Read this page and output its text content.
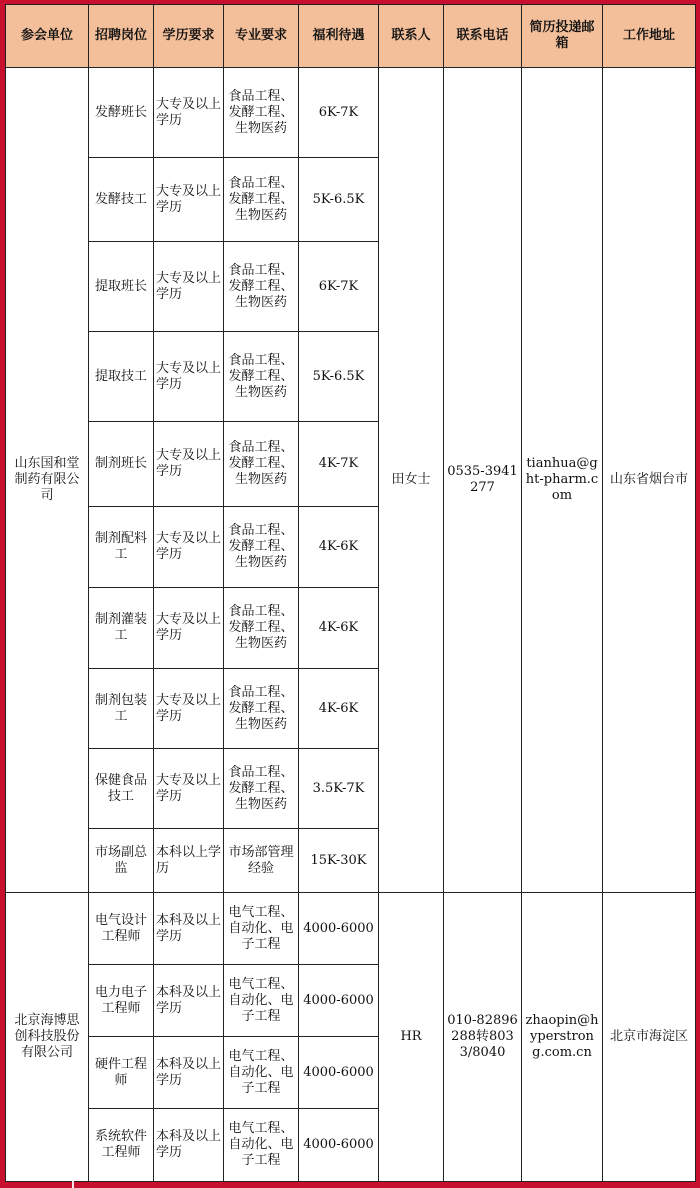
参会单位	招聘岗位	学历要求	专业要求	福利待遇	联系人	联系电话	简历投递邮箱	工作地址
山东国和堂制药有限公司	发酵班长	大专及以上学历	食品工程、发酵工程、生物医药	6K-7K	田女士	0535-3941277	tianhua@ght-pharm.com	山东省烟台市
	发酵技工	大专及以上学历	食品工程、发酵工程、生物医药	5K-6.5K				
	提取班长	大专及以上学历	食品工程、发酵工程、生物医药	6K-7K				
	提取技工	大专及以上学历	食品工程、发酵工程、生物医药	5K-6.5K				
	制剂班长	大专及以上学历	食品工程、发酵工程、生物医药	4K-7K				
	制剂配料工	大专及以上学历	食品工程、发酵工程、生物医药	4K-6K				
	制剂灌装工	大专及以上学历	食品工程、发酵工程、生物医药	4K-6K				
	制剂包装工	大专及以上学历	食品工程、发酵工程、生物医药	4K-6K				
	保健食品技工	大专及以上学历	食品工程、发酵工程、生物医药	3.5K-7K				
	市场副总监	本科以上学历	市场部管理经验	15K-30K				
北京海博思创科技股份有限公司	电气设计工程师	本科及以上学历	电气工程、自动化、电子工程	4000-6000	HR	010-82896288转8033/8040	zhaopin@hyperstrong.com.cn	北京市海淀区
	电力电子工程师	本科及以上学历	电气工程、自动化、电子工程	4000-6000				
	硬件工程师	本科及以上学历	电气工程、自动化、电子工程	4000-6000				
	系统软件工程师	本科及以上学历	电气工程、自动化、电子工程	4000-6000				
